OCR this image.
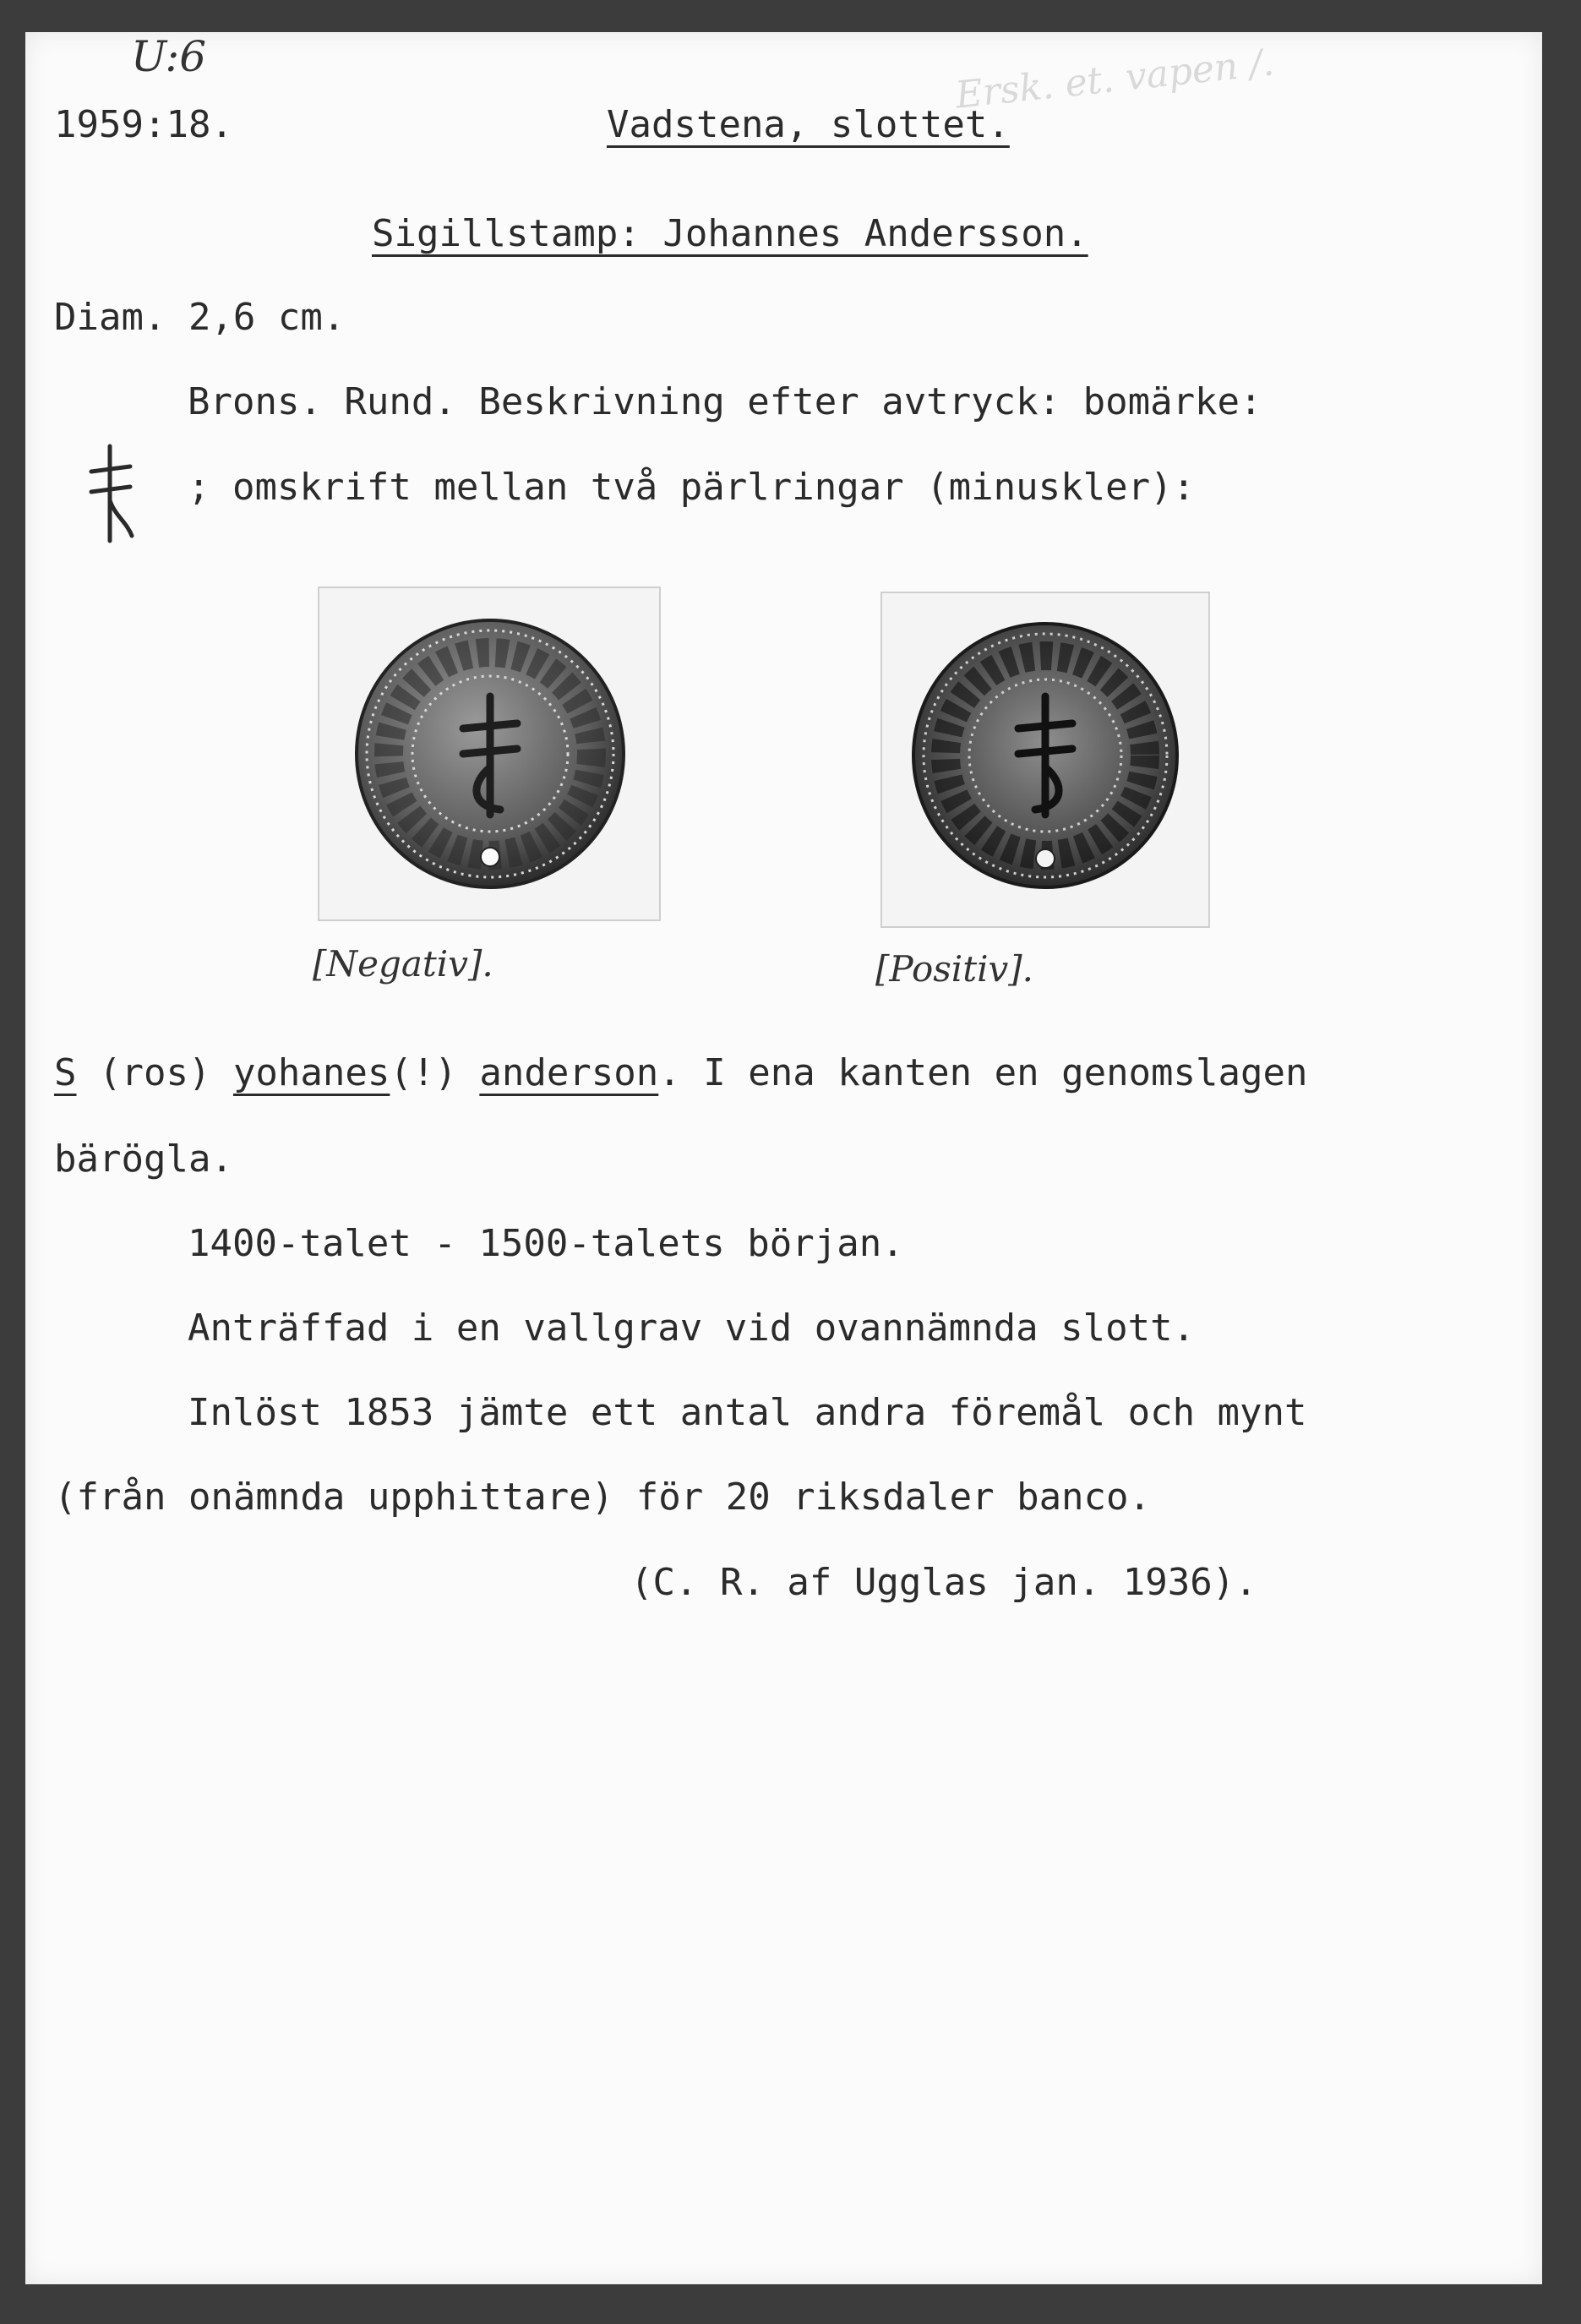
U:6
1959:18.	Vadstena, slottet.
Ersk. et. vapen /.
Sigillstamp: Johannes Andersson.
Diam. 2,6 cm.
Brons. Rund. Beskrivning efter avtryck: bomärke:
; omskrift mellan två pärlringar (minuskler):
[Negativ].	[Positiv].
S (ros) yohanes(!) anderson. I ena kanten en genomslagen
bärögla.
1400-talet - 1500-talets början.
Anträffad i en vallgrav vid ovannämnda slott.
Inlöst 1853 jämte ett antal andra föremål och mynt
(från onämnda upphittare) för 20 riksdaler banco.
(C. R. af Ugglas jan. 1936).
